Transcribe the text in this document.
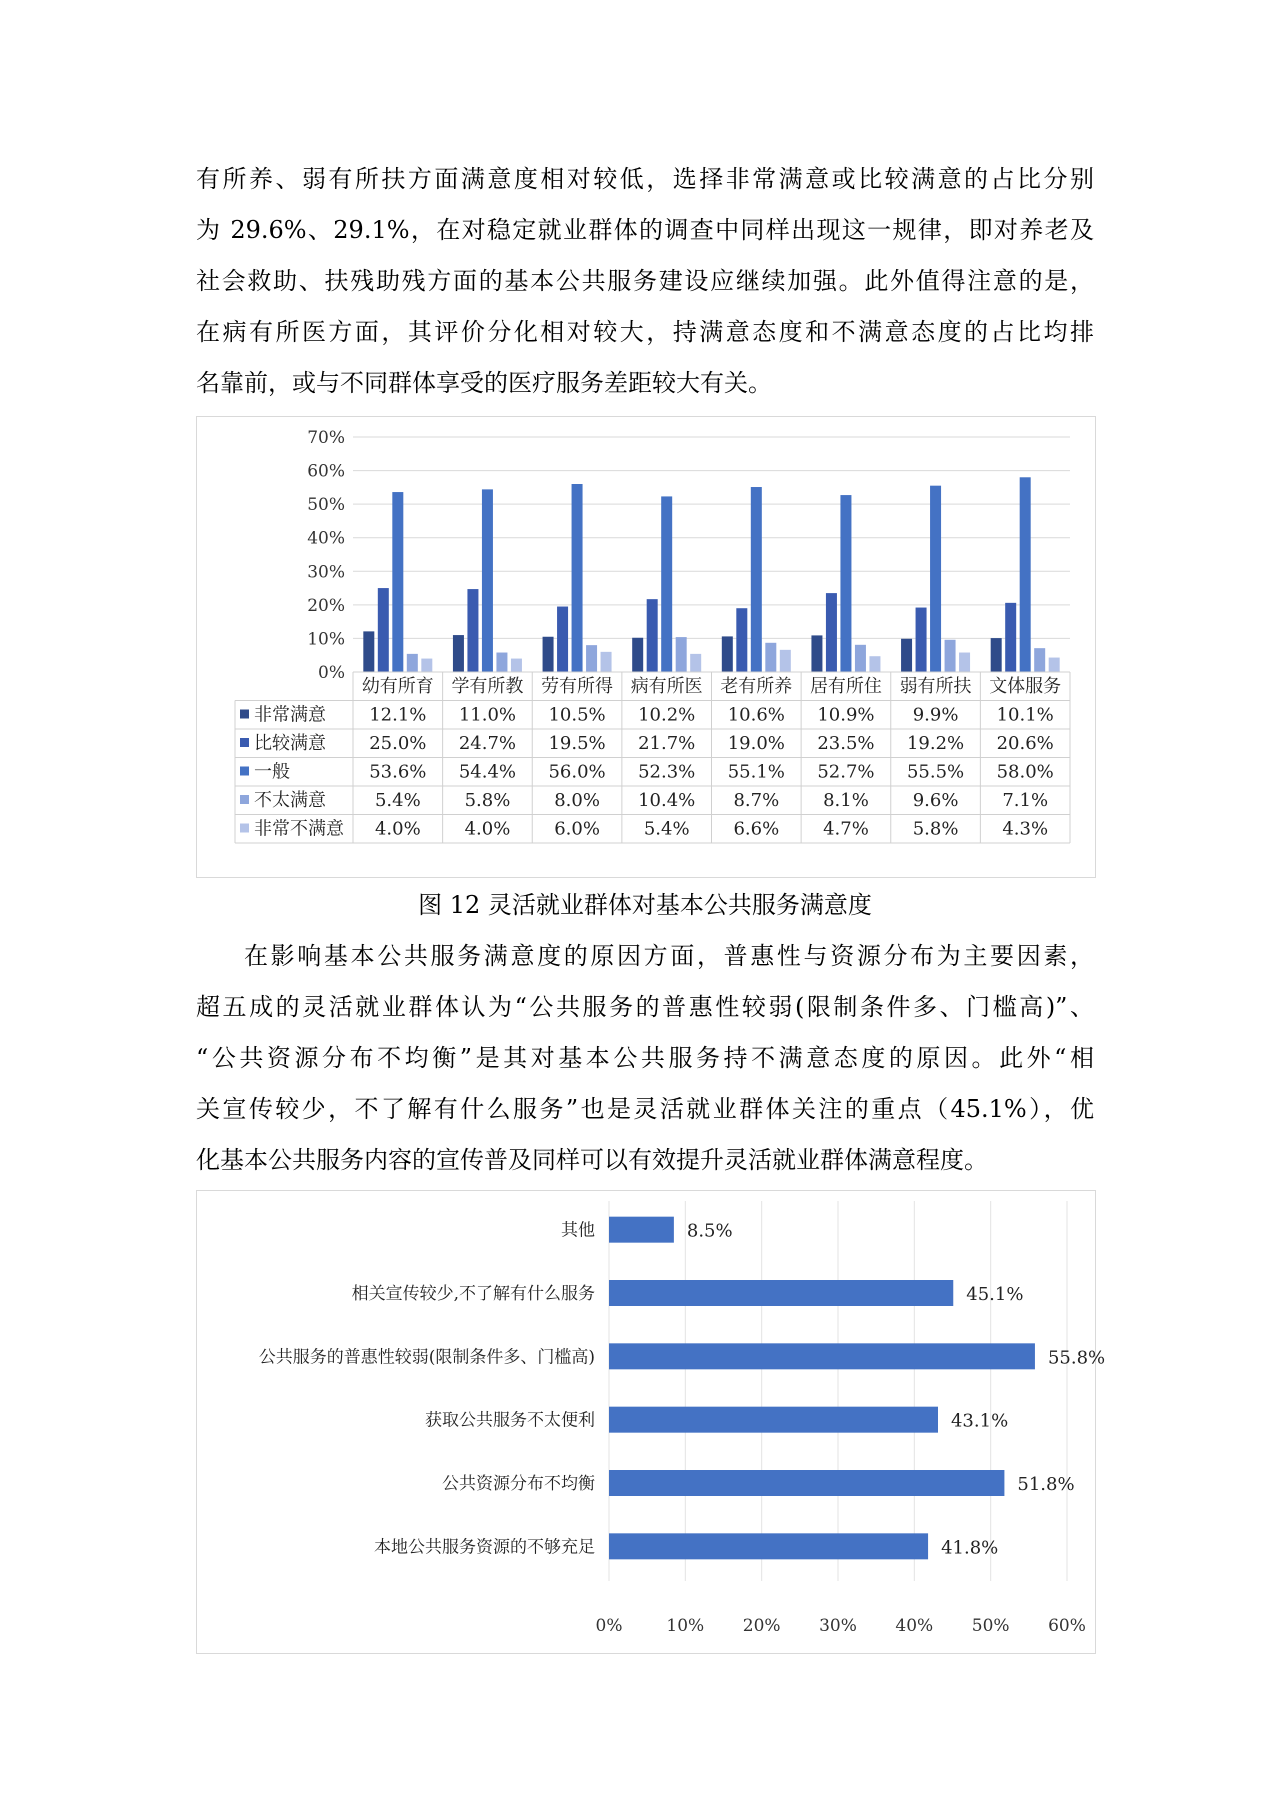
有所养、弱有所扶方面满意度相对较低，选择非常满意或比较满意的占比分别
为 29.6%、29.1%，在对稳定就业群体的调查中同样出现这一规律，即对养老及
社会救助、扶残助残方面的基本公共服务建设应继续加强。此外值得注意的是，
在病有所医方面，其评价分化相对较大，持满意态度和不满意态度的占比均排
名靠前，或与不同群体享受的医疗服务差距较大有关。
0%
10%
20%
30%
40%
50%
60%
70%
幼有所育 学有所教 劳有所得 病有所医 老有所养 居有所住 弱有所扶 文体服务
非常满意 12.1% 11.0% 10.5% 10.2% 10.6% 10.9% 9.9% 10.1%
比较满意 25.0% 24.7% 19.5% 21.7% 19.0% 23.5% 19.2% 20.6%
一般	53.6% 54.4% 56.0% 52.3% 55.1% 52.7% 55.5% 58.0%
不太满意	5.4% 5.8% 8.0% 10.4% 8.7% 8.1% 9.6% 7.1%
非常不满意 4.0% 4.0% 6.0% 5.4% 6.6% 4.7% 5.8% 4.3%
图 12 灵活就业群体对基本公共服务满意度
在影响基本公共服务满意度的原因方面，普惠性与资源分布为主要因素，
超五成的灵活就业群体认为“公共服务的普惠性较弱(限制条件多、门槛高)”、
“公共资源分布不均衡”是其对基本公共服务持不满意态度的原因。此外“相
关宣传较少，不了解有什么服务”也是灵活就业群体关注的重点（45.1%），优
化基本公共服务内容的宣传普及同样可以有效提升灵活就业群体满意程度。
0%	10% 20% 30% 40% 50% 60%
其他	8.5%
相关宣传较少,不了解有什么服务	45.1%
公共服务的普惠性较弱(限制条件多、门槛高)	55.8%
获取公共服务不太便利	43.1%
公共资源分布不均衡	51.8%
本地公共服务资源的不够充足	41.8%
